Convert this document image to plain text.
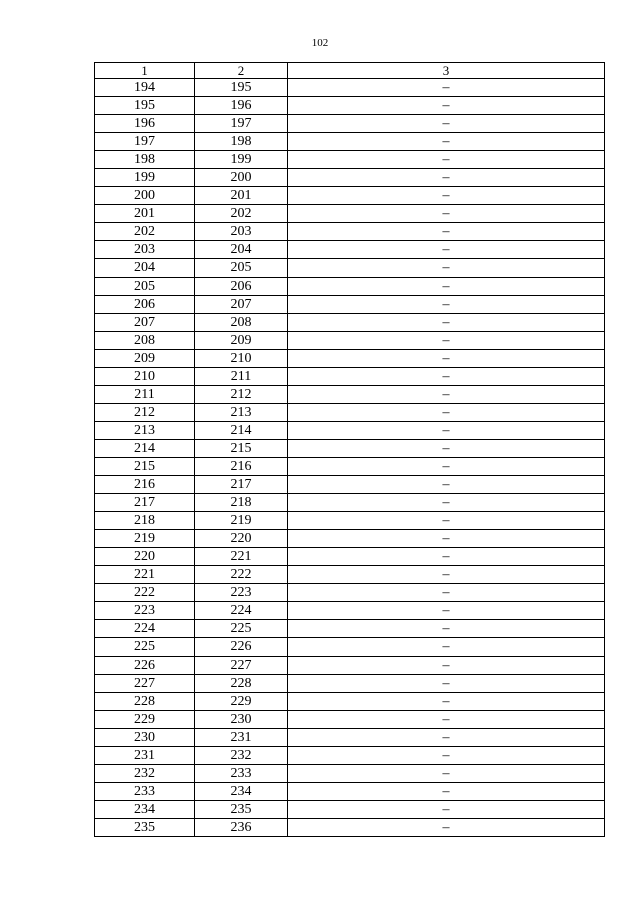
102
1	2	3
194	195	–
195	196	–
196	197	–
197	198	–
198	199	–
199	200	–
200	201	–
201	202	–
202	203	–
203	204	–
204	205	–
205	206	–
206	207	–
207	208	–
208	209	–
209	210	–
210	211	–
211	212	–
212	213	–
213	214	–
214	215	–
215	216	–
216	217	–
217	218	–
218	219	–
219	220	–
220	221	–
221	222	–
222	223	–
223	224	–
224	225	–
225	226	–
226	227	–
227	228	–
228	229	–
229	230	–
230	231	–
231	232	–
232	233	–
233	234	–
234	235	–
235	236	–
